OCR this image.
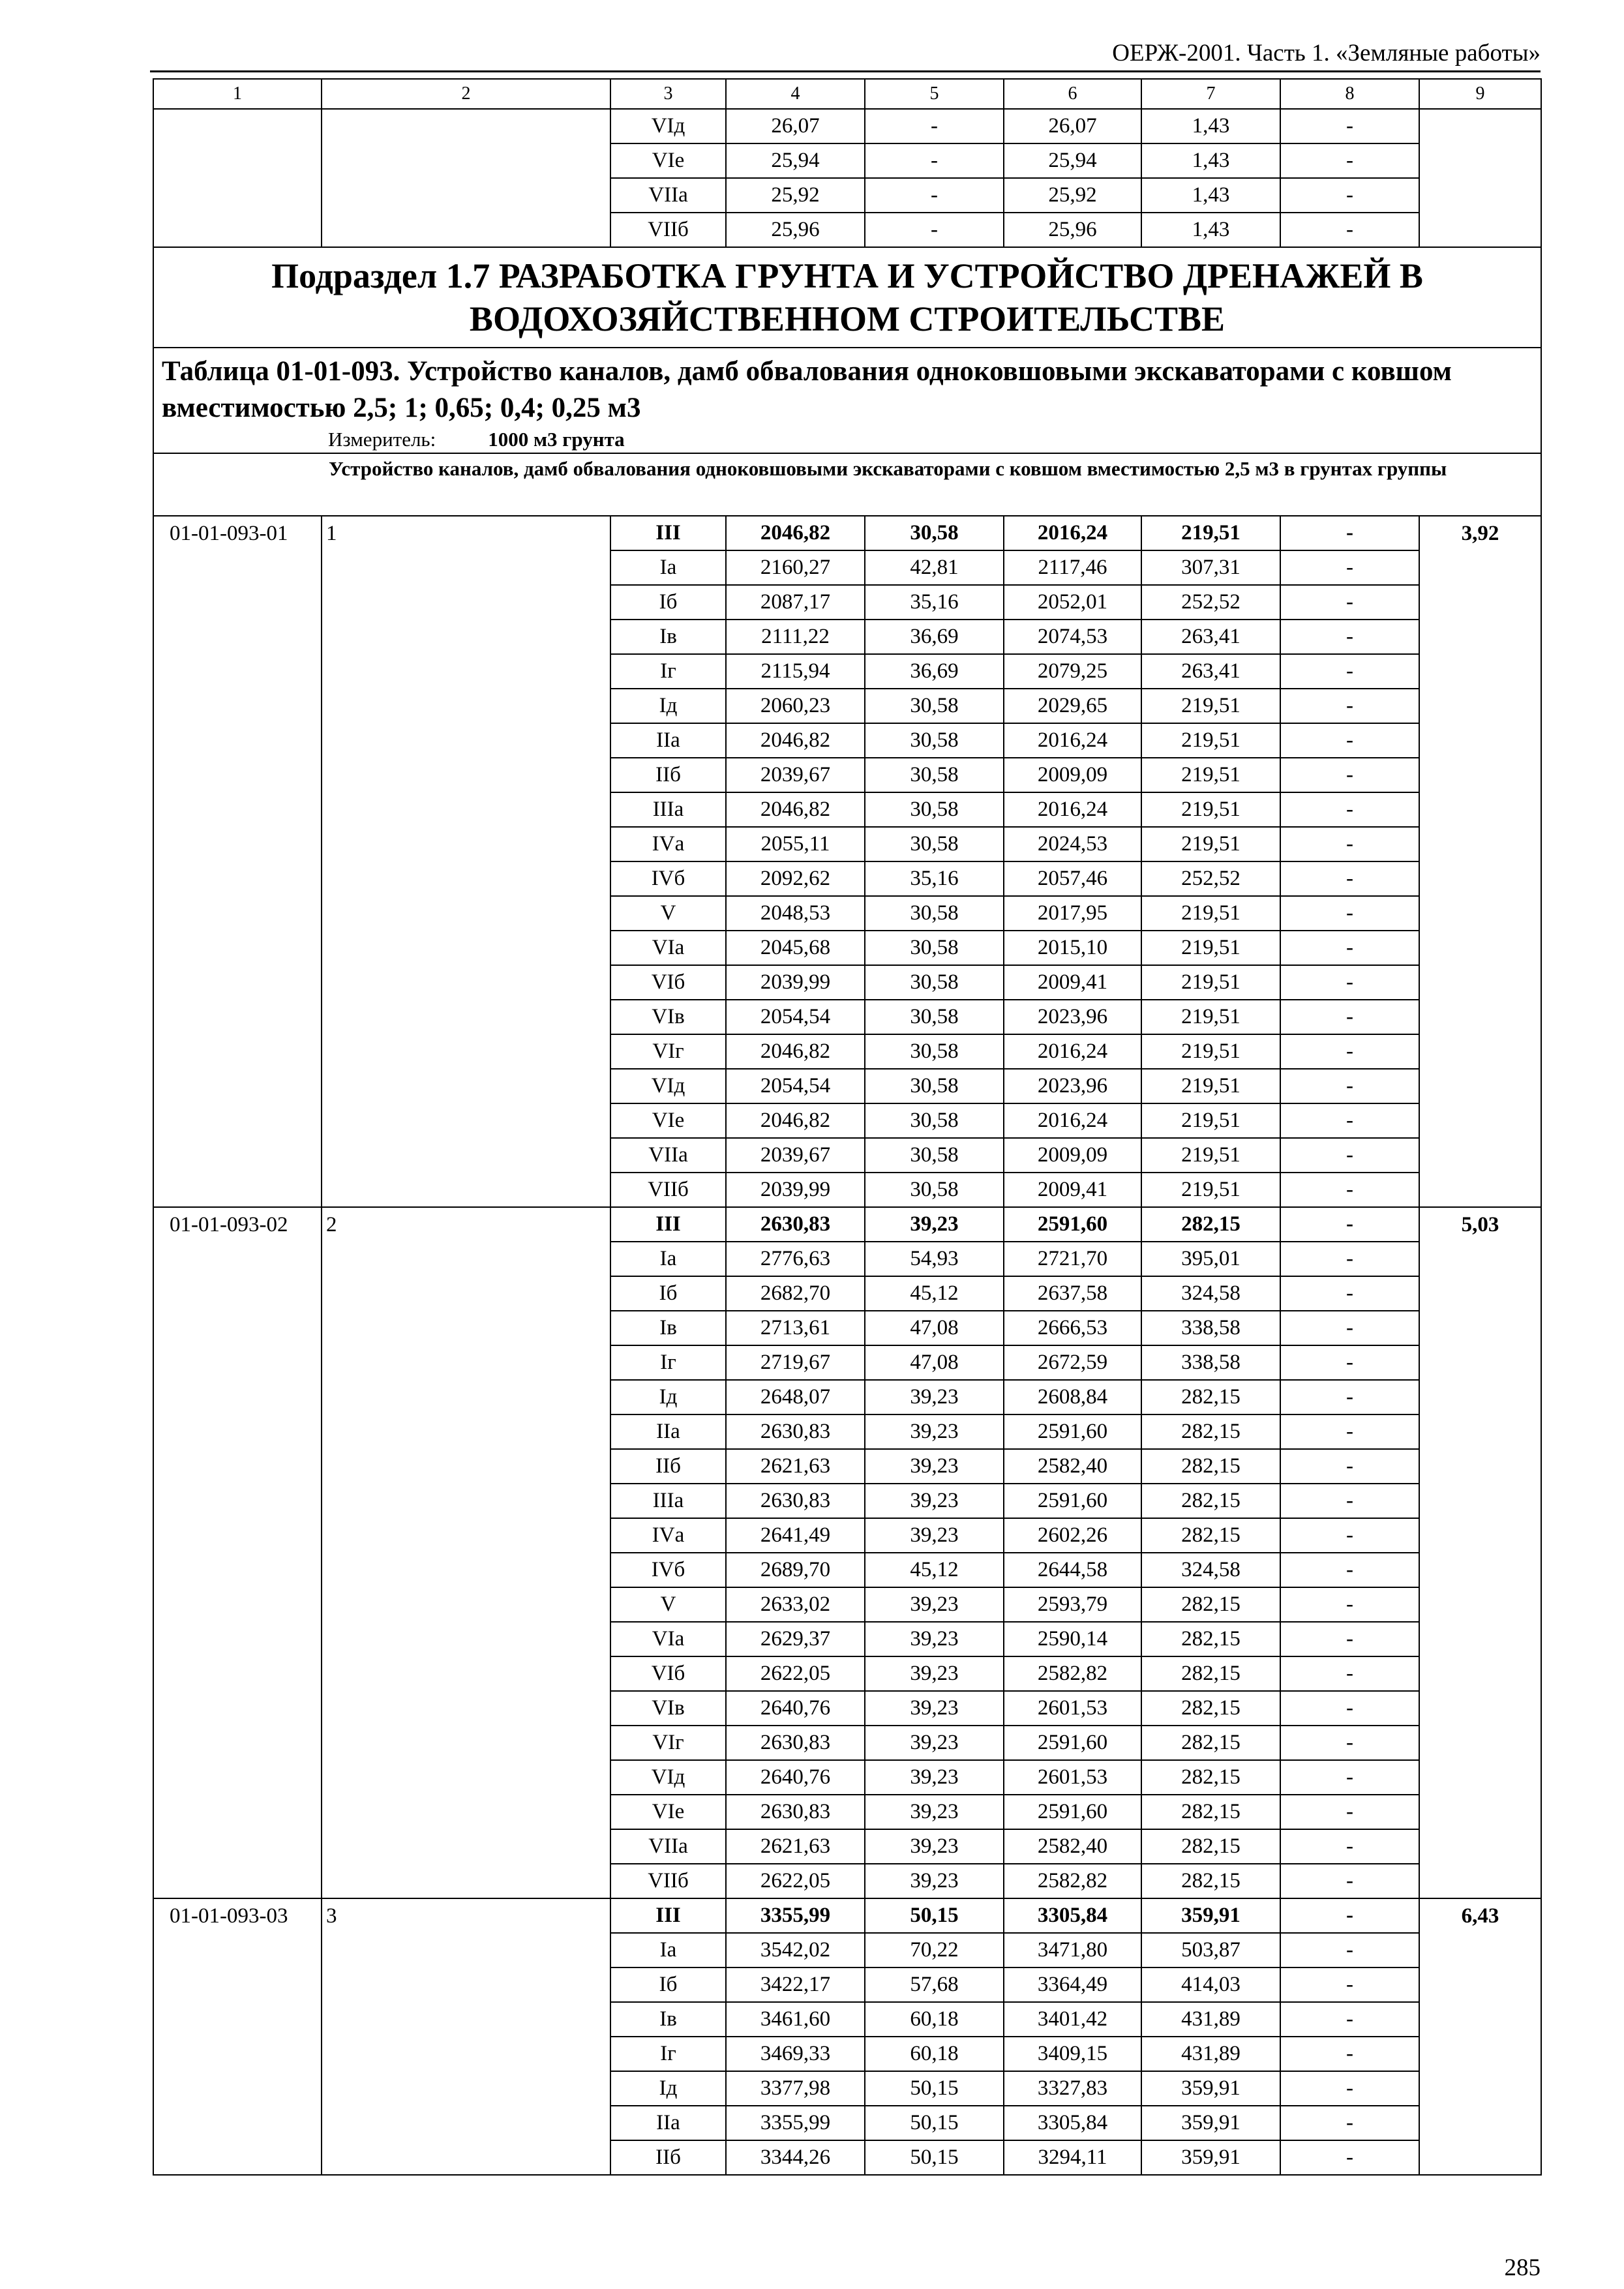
ОЕРЖ-2001. Часть 1. «Земляные работы»
1	2	3	4	5	6	7	8	9
		VIд	26,07	-	26,07	1,43	-	
		VIе	25,94	-	25,94	1,43	-	
		VIIа	25,92	-	25,92	1,43	-	
		VIIб	25,96	-	25,96	1,43	-	
Подраздел 1.7 РАЗРАБОТКА ГРУНТА И УСТРОЙСТВО ДРЕНАЖЕЙ В ВОДОХОЗЯЙСТВЕННОМ СТРОИТЕЛЬСТВЕ								
Таблица 01-01-093. Устройство каналов, дамб обвалования одноковшовыми экскаваторами с ковшом вместимостью 2,5; 1; 0,65; 0,4; 0,25 м3
Измеритель: 1000 м3 грунта								

Устройство каналов, дамб обвалования одноковшовыми экскаваторами с ковшом вместимостью 2,5 м3 в грунтах группы								
01-01-093-01	1	III	2046,82	30,58	2016,24	219,51	-	3,92
		Iа	2160,27	42,81	2117,46	307,31	-	
		Iб	2087,17	35,16	2052,01	252,52	-	
		Iв	2111,22	36,69	2074,53	263,41	-	
		Iг	2115,94	36,69	2079,25	263,41	-	
		Iд	2060,23	30,58	2029,65	219,51	-	
		IIа	2046,82	30,58	2016,24	219,51	-	
		IIб	2039,67	30,58	2009,09	219,51	-	
		IIIа	2046,82	30,58	2016,24	219,51	-	
		IVа	2055,11	30,58	2024,53	219,51	-	
		IVб	2092,62	35,16	2057,46	252,52	-	
		V	2048,53	30,58	2017,95	219,51	-	
		VIа	2045,68	30,58	2015,10	219,51	-	
		VIб	2039,99	30,58	2009,41	219,51	-	
		VIв	2054,54	30,58	2023,96	219,51	-	
		VIг	2046,82	30,58	2016,24	219,51	-	
		VIд	2054,54	30,58	2023,96	219,51	-	
		VIе	2046,82	30,58	2016,24	219,51	-	
		VIIа	2039,67	30,58	2009,09	219,51	-	
		VIIб	2039,99	30,58	2009,41	219,51	-	
01-01-093-02	2	III	2630,83	39,23	2591,60	282,15	-	5,03
		Iа	2776,63	54,93	2721,70	395,01	-	
		Iб	2682,70	45,12	2637,58	324,58	-	
		Iв	2713,61	47,08	2666,53	338,58	-	
		Iг	2719,67	47,08	2672,59	338,58	-	
		Iд	2648,07	39,23	2608,84	282,15	-	
		IIа	2630,83	39,23	2591,60	282,15	-	
		IIб	2621,63	39,23	2582,40	282,15	-	
		IIIа	2630,83	39,23	2591,60	282,15	-	
		IVа	2641,49	39,23	2602,26	282,15	-	
		IVб	2689,70	45,12	2644,58	324,58	-	
		V	2633,02	39,23	2593,79	282,15	-	
		VIа	2629,37	39,23	2590,14	282,15	-	
		VIб	2622,05	39,23	2582,82	282,15	-	
		VIв	2640,76	39,23	2601,53	282,15	-	
		VIг	2630,83	39,23	2591,60	282,15	-	
		VIд	2640,76	39,23	2601,53	282,15	-	
		VIе	2630,83	39,23	2591,60	282,15	-	
		VIIа	2621,63	39,23	2582,40	282,15	-	
		VIIб	2622,05	39,23	2582,82	282,15	-	
01-01-093-03	3	III	3355,99	50,15	3305,84	359,91	-	6,43
		Iа	3542,02	70,22	3471,80	503,87	-	
		Iб	3422,17	57,68	3364,49	414,03	-	
		Iв	3461,60	60,18	3401,42	431,89	-	
		Iг	3469,33	60,18	3409,15	431,89	-	
		Iд	3377,98	50,15	3327,83	359,91	-	
		IIа	3355,99	50,15	3305,84	359,91	-	
		IIб	3344,26	50,15	3294,11	359,91	-	
285
